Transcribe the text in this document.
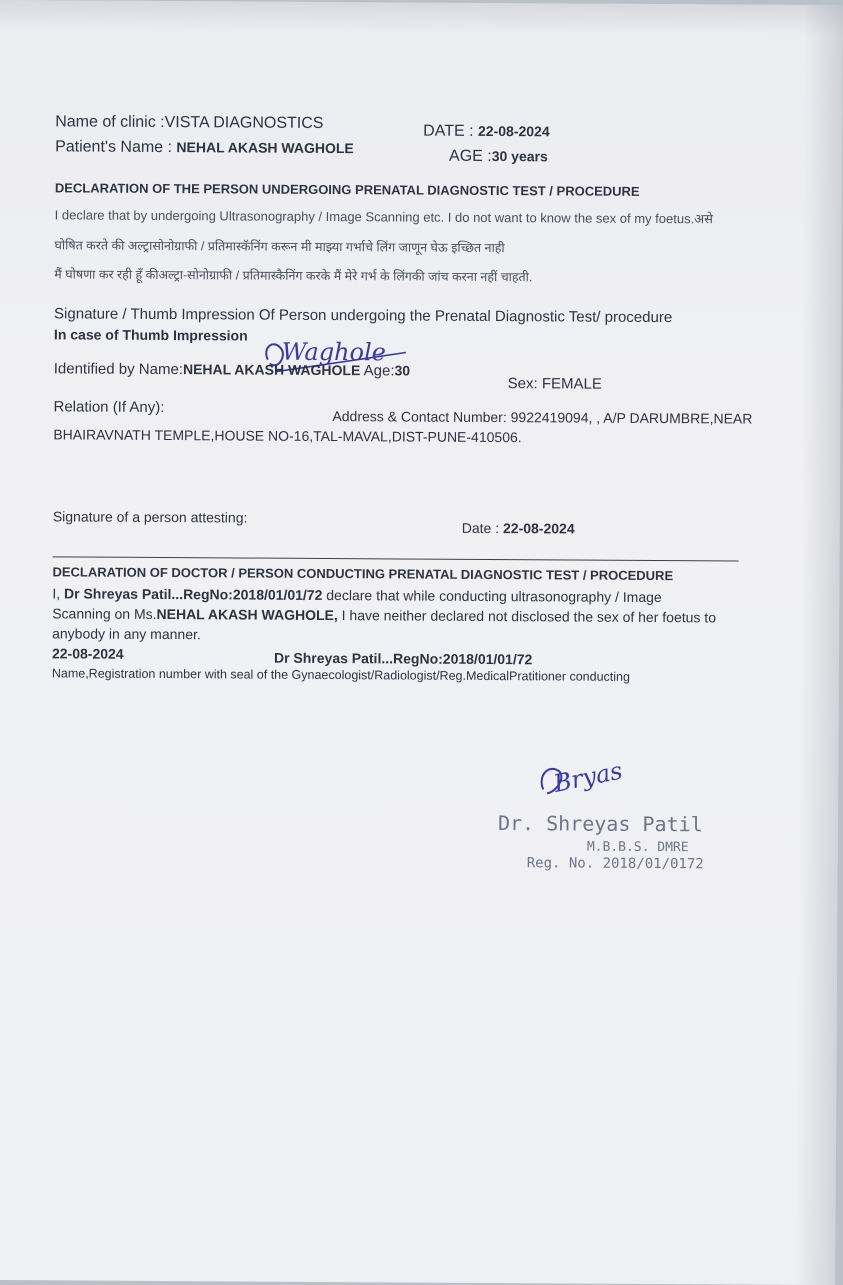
Name of clinic :VISTA DIAGNOSTICS	DATE : 22-08-2024
Patient's Name : NEHAL AKASH WAGHOLE
AGE :30 years
DECLARATION OF THE PERSON UNDERGOING PRENATAL DIAGNOSTIC TEST / PROCEDURE
I declare that by undergoing Ultrasonography / Image Scanning etc. I do not want to know the sex of my foetus.असे
घोषित करते की अल्ट्रासोनोग्राफी / प्रतिमास्कॅनिंग करून मी माझ्या गर्भाचे लिंग जाणून घेऊ इच्छित नाही
मैं घोषणा कर रही हूँ कीअल्ट्रा-सोनोग्राफी / प्रतिमास्कैनिंग करके मैं मेरे गर्भ के लिंगकी जांच करना नहीं चाहती.
Signature / Thumb Impression Of Person undergoing the Prenatal Diagnostic Test/ procedure
In case of Thumb Impression
Waghole
Identified by Name:NEHAL AKASH WAGHOLE Age:30
Sex: FEMALE
Relation (If Any):
Address & Contact Number: 9922419094, , A/P DARUMBRE,NEAR
BHAIRAVNATH TEMPLE,HOUSE NO-16,TAL-MAVAL,DIST-PUNE-410506.
Signature of a person attesting:
Date : 22-08-2024
DECLARATION OF DOCTOR / PERSON CONDUCTING PRENATAL DIAGNOSTIC TEST / PROCEDURE
I, Dr Shreyas Patil...RegNo:2018/01/01/72 declare that while conducting ultrasonography / Image
Scanning on Ms.NEHAL AKASH WAGHOLE, I have neither declared not disclosed the sex of her foetus to
anybody in any manner.
22-08-2024	Dr Shreyas Patil...RegNo:2018/01/01/72
Name,Registration number with seal of the Gynaecologist/Radiologist/Reg.MedicalPratitioner conducting
Bryas
Dr. Shreyas Patil
M.B.B.S. DMRE
Reg. No. 2018/01/0172
